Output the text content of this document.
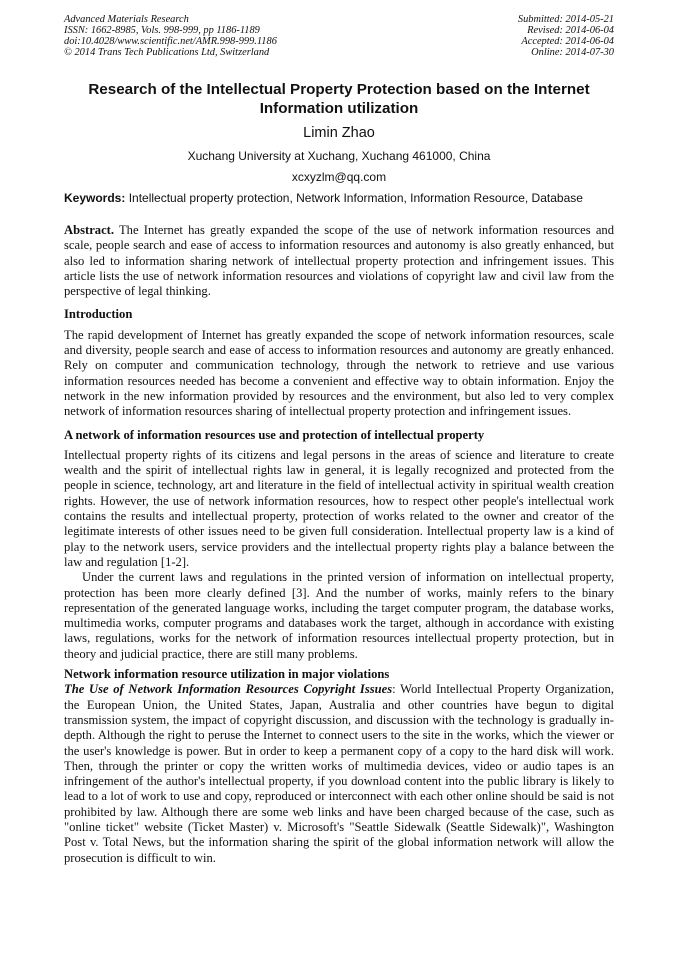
Advanced Materials Research
ISSN: 1662-8985, Vols. 998-999, pp 1186-1189
doi:10.4028/www.scientific.net/AMR.998-999.1186
© 2014 Trans Tech Publications Ltd, Switzerland
Submitted: 2014-05-21
Revised: 2014-06-04
Accepted: 2014-06-04
Online: 2014-07-30
Research of the Intellectual Property Protection based on the Internet Information utilization
Limin Zhao
Xuchang University at Xuchang, Xuchang 461000, China
xcxyzlm@qq.com
Keywords: Intellectual property protection, Network Information, Information Resource, Database

Abstract. The Internet has greatly expanded the scope of the use of network information resources and scale, people search and ease of access to information resources and autonomy is also greatly enhanced, but also led to information sharing network of intellectual property protection and infringement issues. This article lists the use of network information resources and violations of copyright law and civil law from the perspective of legal thinking.

Introduction

The rapid development of Internet has greatly expanded the scope of network information resources, scale and diversity, people search and ease of access to information resources and autonomy are greatly enhanced. Rely on computer and communication technology, through the network to retrieve and use various information resources needed has become a convenient and effective way to obtain information. Enjoy the network in the new information provided by resources and the environment, but also led to very complex network of information resources sharing of intellectual property protection and infringement issues.

A network of information resources use and protection of intellectual property

Intellectual property rights of its citizens and legal persons in the areas of science and literature to create wealth and the spirit of intellectual rights law in general, it is legally recognized and protected from the people in science, technology, art and literature in the field of intellectual activity in spiritual wealth creation rights. However, the use of network information resources, how to respect other people's intellectual work contains the results and intellectual property, protection of works related to the owner and creator of the legitimate interests of other issues need to be given full consideration. Intellectual property law is a kind of play to the network users, service providers and the intellectual property rights play a balance between the law and regulation [1-2].

Under the current laws and regulations in the printed version of information on intellectual property, protection has been more clearly defined [3]. And the number of works, mainly refers to the binary representation of the generated language works, including the target computer program, the database works, multimedia works, computer programs and databases work the target, although in accordance with existing laws, regulations, works for the network of information resources intellectual property protection, but in theory and judicial practice, there are still many problems.

Network information resource utilization in major violations

The Use of Network Information Resources Copyright Issues: World Intellectual Property Organization, the European Union, the United States, Japan, Australia and other countries have begun to digital transmission system, the impact of copyright discussion, and discussion with the technology is gradually in-depth. Although the right to peruse the Internet to connect users to the site in the works, which the viewer or the user's knowledge is power. But in order to keep a permanent copy of a copy to the hard disk will work. Then, through the printer or copy the written works of multimedia devices, video or audio tapes is an infringement of the author's intellectual property, if you download content into the public library is likely to lead to a lot of work to use and copy, reproduced or interconnect with each other online should be said is not prohibited by law. Although there are some web links and have been charged because of the case, such as "online ticket" website (Ticket Master) v. Microsoft's "Seattle Sidewalk (Seattle Sidewalk)", Washington Post v. Total News, but the information sharing the spirit of the global information network will allow the prosecution is difficult to win.
